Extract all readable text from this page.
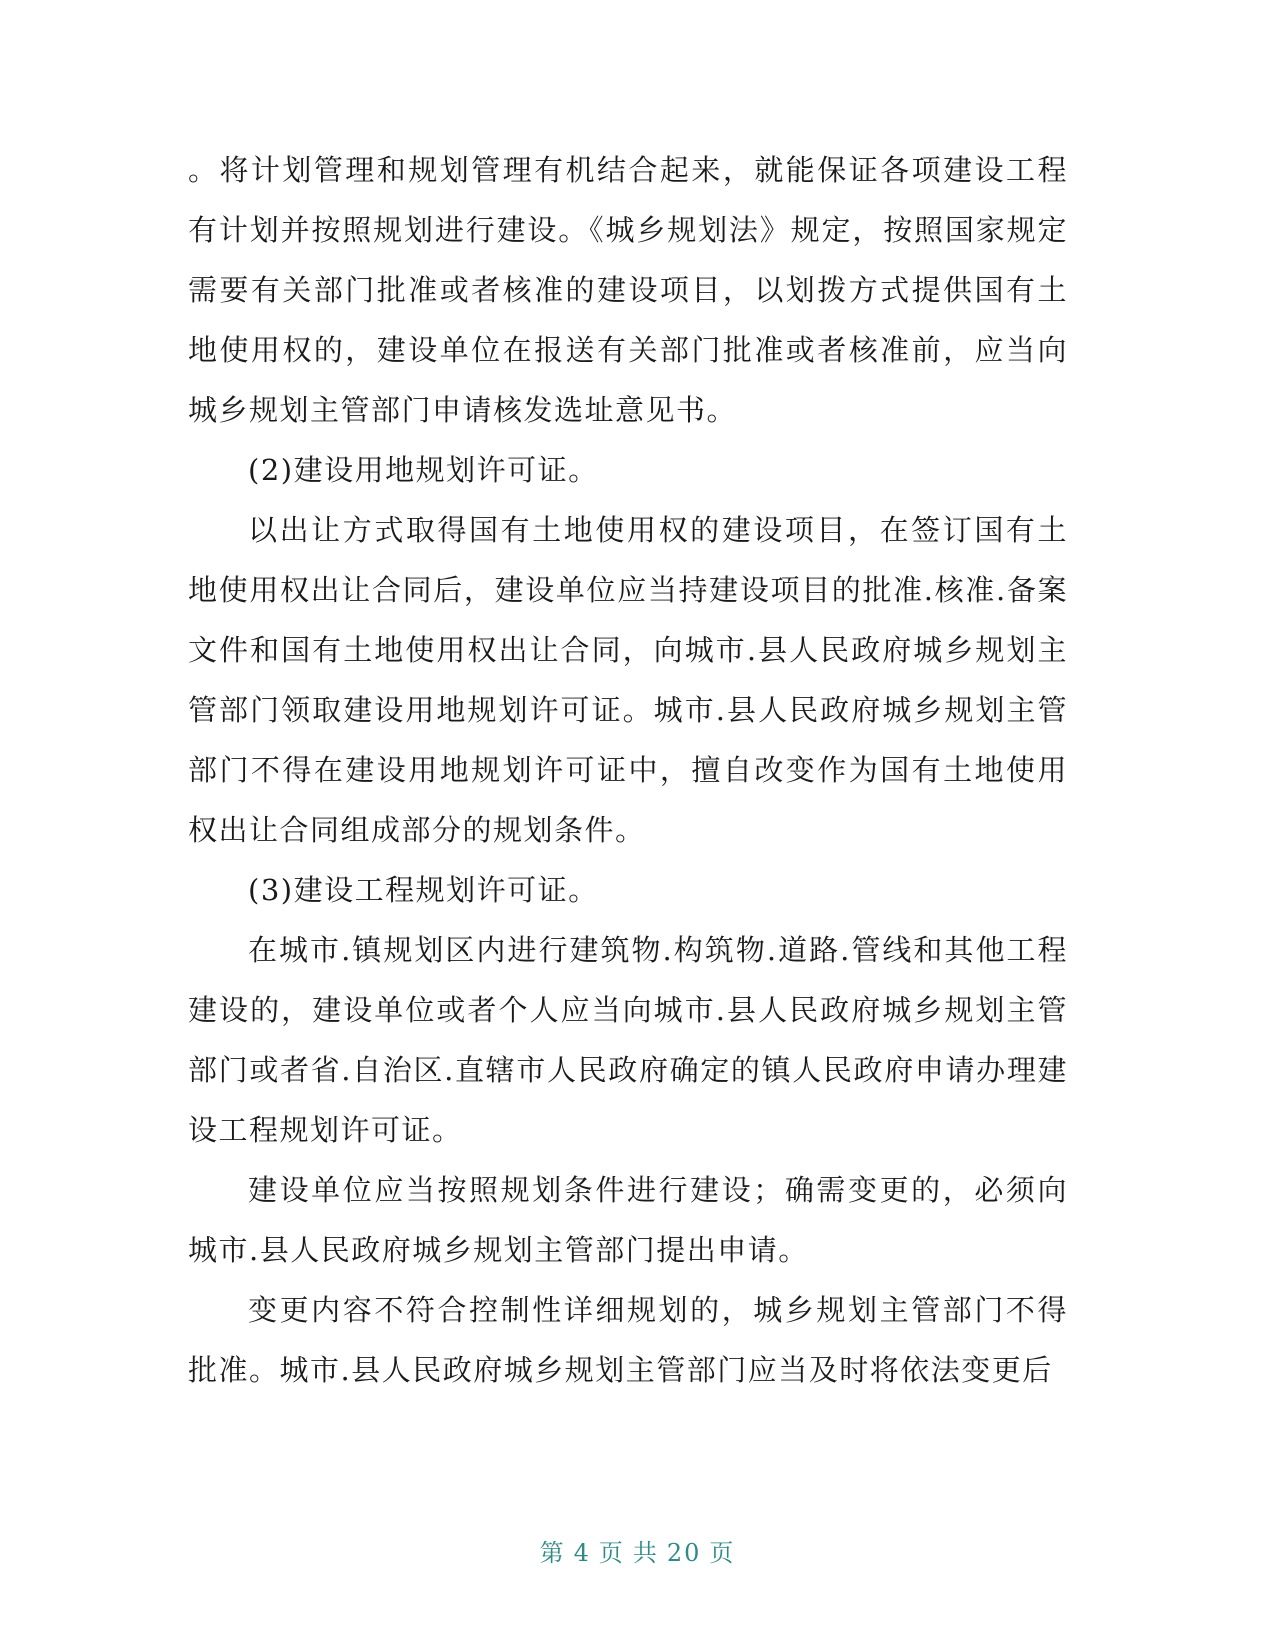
。将计划管理和规划管理有机结合起来，就能保证各项建设工程有计划并按照规划进行建设。《城乡规划法》规定，按照国家规定需要有关部门批准或者核准的建设项目，以划拨方式提供国有土地使用权的，建设单位在报送有关部门批准或者核准前，应当向城乡规划主管部门申请核发选址意见书。

(2)建设用地规划许可证。

以出让方式取得国有土地使用权的建设项目，在签订国有土地使用权出让合同后，建设单位应当持建设项目的批准.核准.备案文件和国有土地使用权出让合同，向城市.县人民政府城乡规划主管部门领取建设用地规划许可证。城市.县人民政府城乡规划主管部门不得在建设用地规划许可证中，擅自改变作为国有土地使用权出让合同组成部分的规划条件。

(3)建设工程规划许可证。

在城市.镇规划区内进行建筑物.构筑物.道路.管线和其他工程建设的，建设单位或者个人应当向城市.县人民政府城乡规划主管部门或者省.自治区.直辖市人民政府确定的镇人民政府申请办理建设工程规划许可证。

建设单位应当按照规划条件进行建设；确需变更的，必须向城市.县人民政府城乡规划主管部门提出申请。

变更内容不符合控制性详细规划的，城乡规划主管部门不得批准。城市.县人民政府城乡规划主管部门应当及时将依法变更后

第 4 页 共 20 页
